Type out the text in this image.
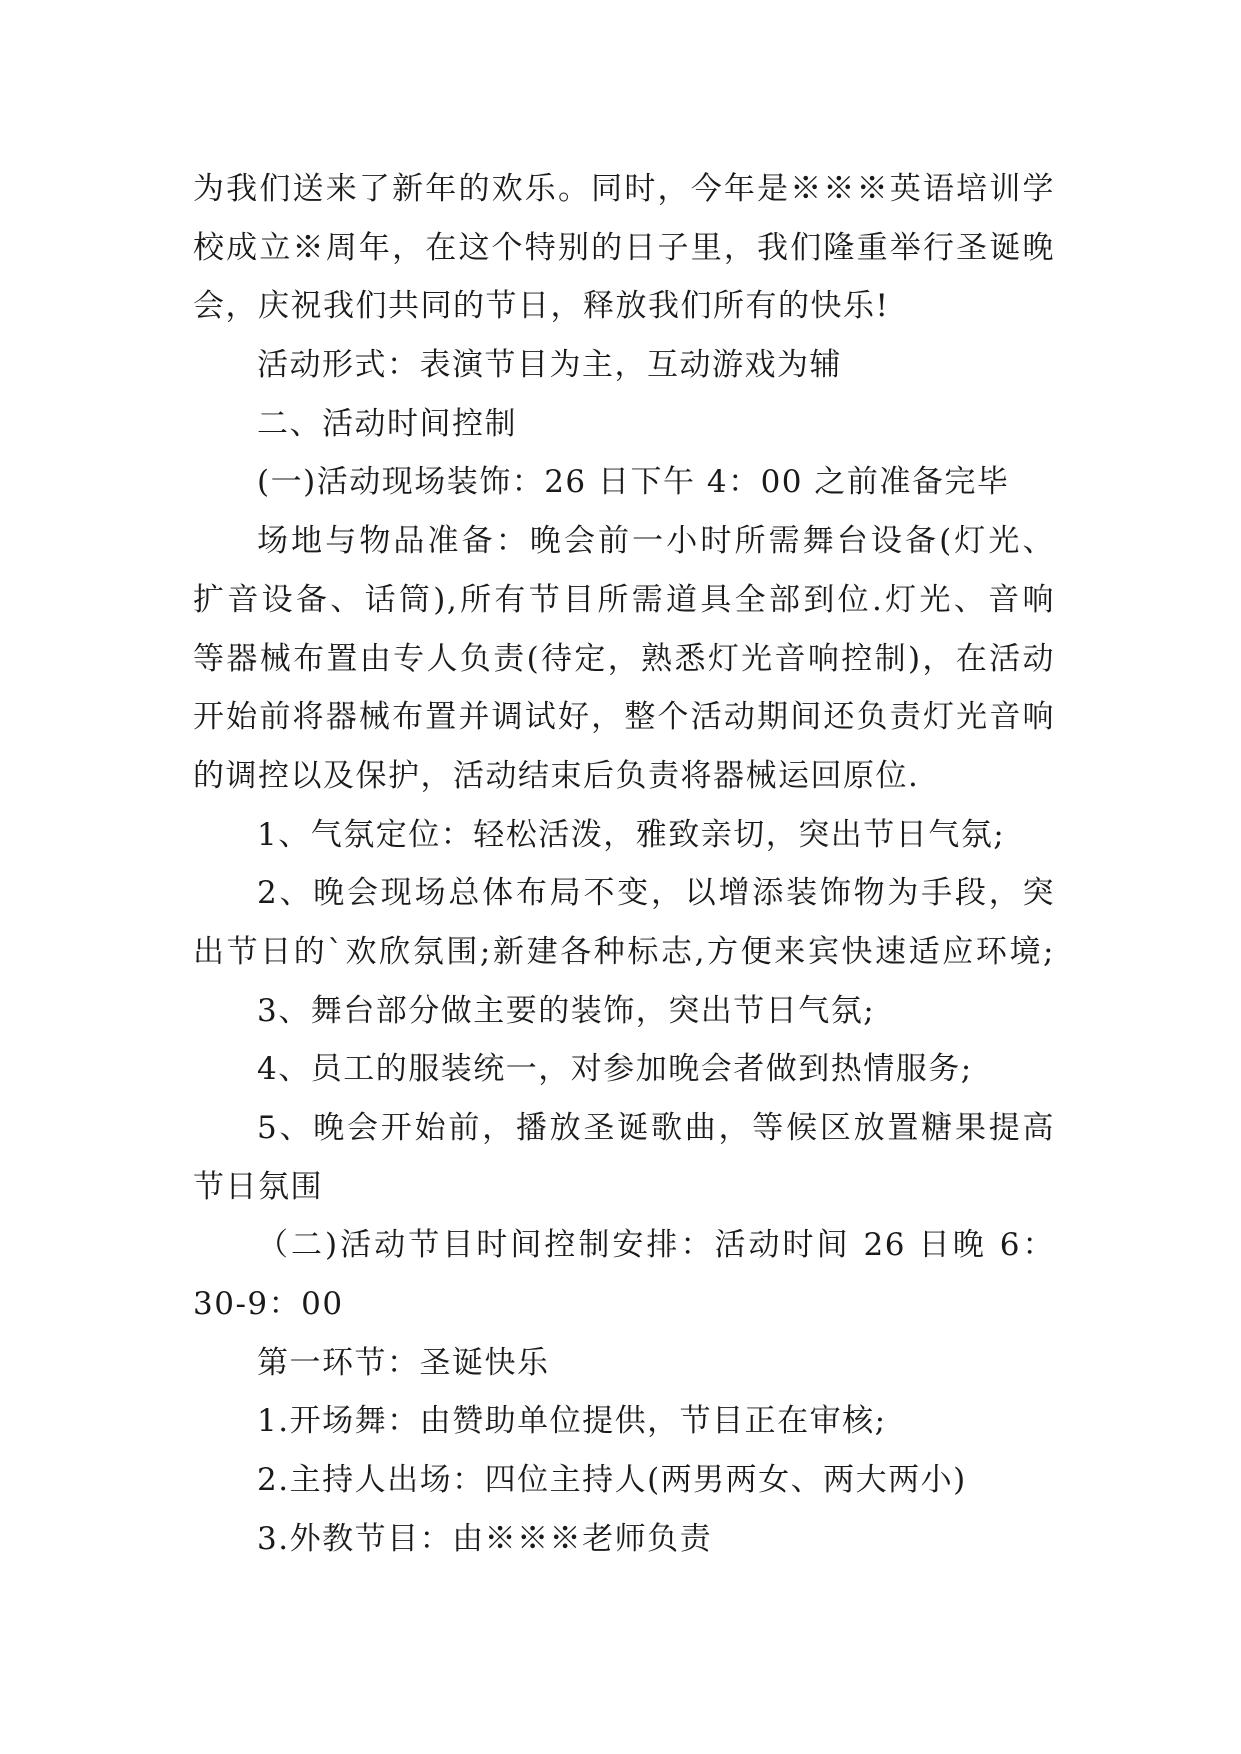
为我们送来了新年的欢乐。同时，今年是※※※英语培训学
校成立※周年，在这个特别的日子里，我们隆重举行圣诞晚
会，庆祝我们共同的节日，释放我们所有的快乐!
活动形式：表演节目为主，互动游戏为辅
二、活动时间控制
(一)活动现场装饰：26 日下午 4：00 之前准备完毕
场地与物品准备：晚会前一小时所需舞台设备(灯光、
扩音设备、话筒),所有节目所需道具全部到位.灯光、音响
等器械布置由专人负责(待定，熟悉灯光音响控制)，在活动
开始前将器械布置并调试好，整个活动期间还负责灯光音响
的调控以及保护，活动结束后负责将器械运回原位.
1、气氛定位：轻松活泼，雅致亲切，突出节日气氛;
2、晚会现场总体布局不变，以增添装饰物为手段，突
出节日的`欢欣氛围;新建各种标志,方便来宾快速适应环境;
3、舞台部分做主要的装饰，突出节日气氛;
4、员工的服装统一，对参加晚会者做到热情服务;
5、晚会开始前，播放圣诞歌曲，等候区放置糖果提高
节日氛围
（二)活动节目时间控制安排：活动时间 26 日晚 6：
30-9：00
第一环节：圣诞快乐
1.开场舞：由赞助单位提供，节目正在审核;
2.主持人出场：四位主持人(两男两女、两大两小)
3.外教节目：由※※※老师负责
